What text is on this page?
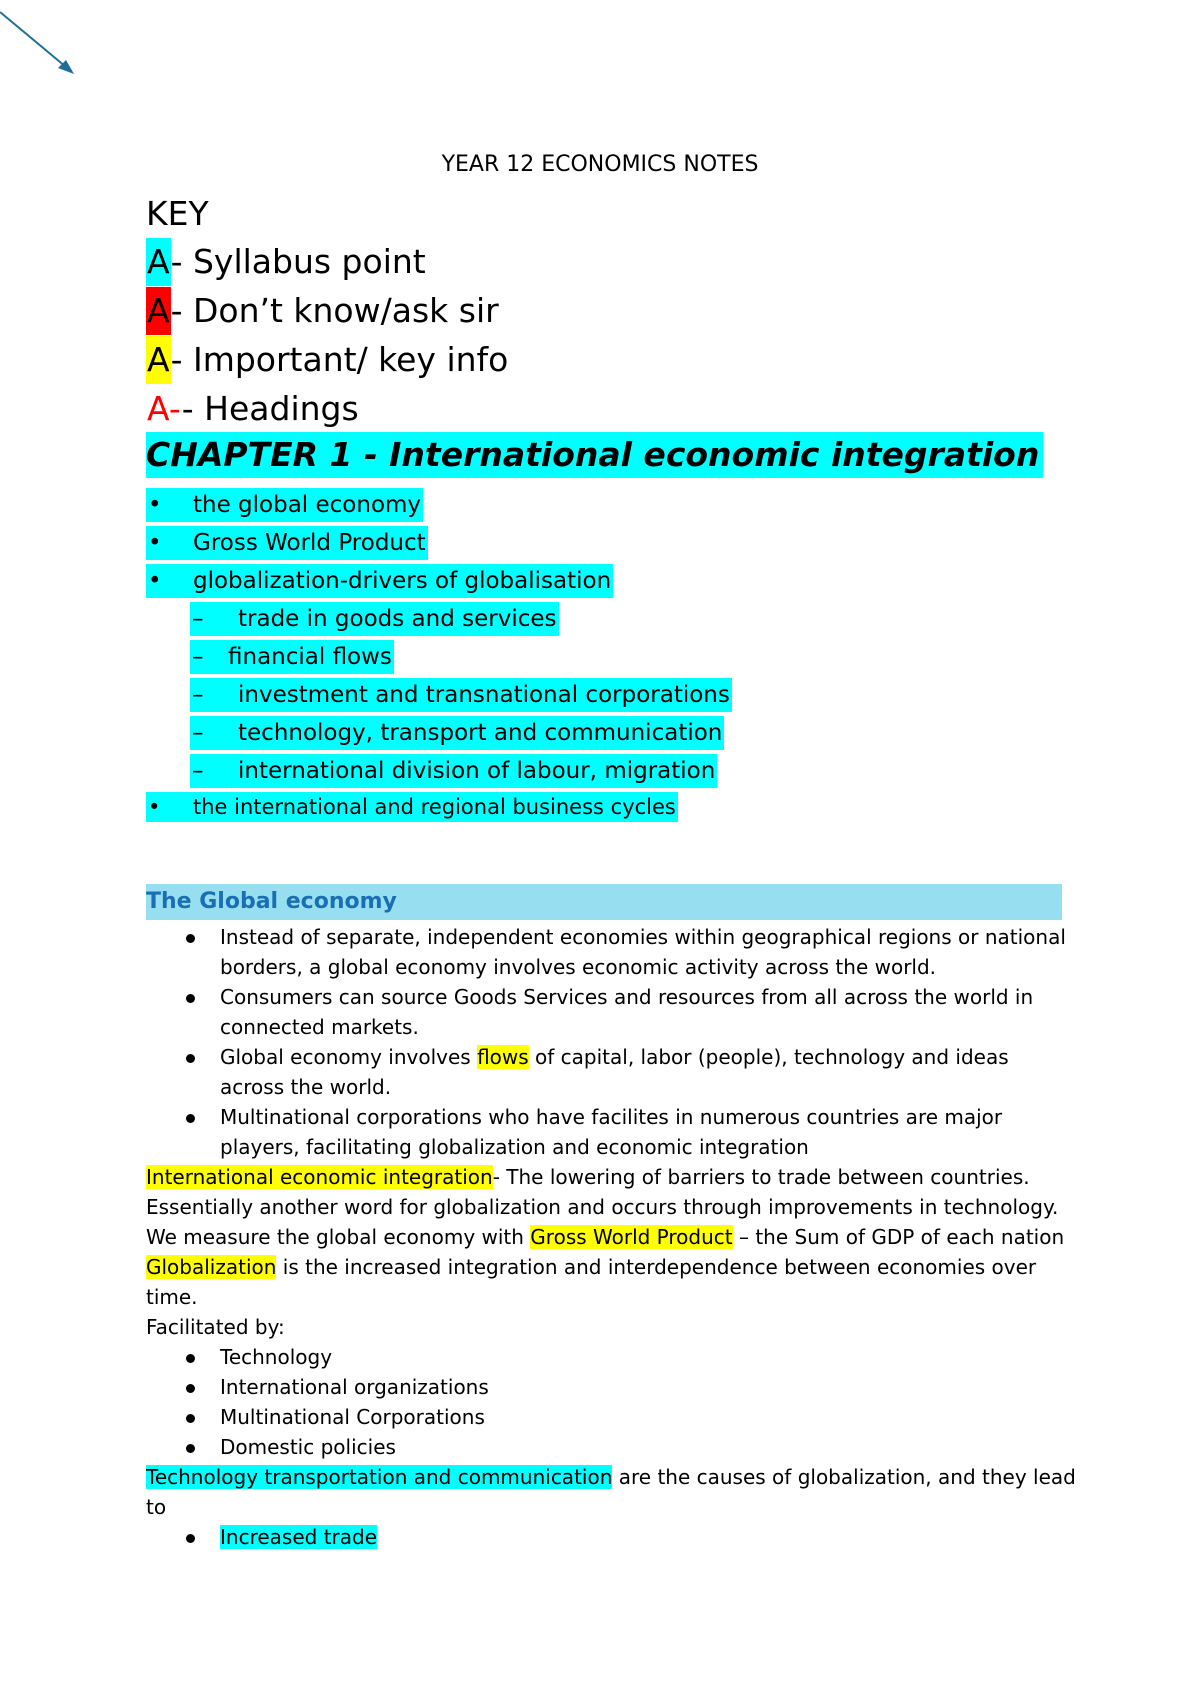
YEAR 12 ECONOMICS NOTES
KEY
A- Syllabus point
A- Don’t know/ask sir
A- Important/ key info
A-- Headings
CHAPTER 1 - International economic integration
• the global economy
• Gross World Product
• globalization-drivers of globalisation
– trade in goods and services
– financial flows
– investment and transnational corporations
– technology, transport and communication
– international division of labour, migration
• the international and regional business cycles
The Global economy
Instead of separate, independent economies within geographical regions or national borders, a global economy involves economic activity across the world.
Consumers can source Goods Services and resources from all across the world in connected markets.
Global economy involves flows of capital, labor (people), technology and ideas across the world.
Multinational corporations who have facilites in numerous countries are major players, facilitating globalization and economic integration

International economic integration- The lowering of barriers to trade between countries. Essentially another word for globalization and occurs through improvements in technology.

We measure the global economy with Gross World Product – the Sum of GDP of each nation

Globalization is the increased integration and interdependence between economies over time.

Facilitated by:

Technology
International organizations
Multinational Corporations
Domestic policies

Technology transportation and communication are the causes of globalization, and they lead to

Increased trade
